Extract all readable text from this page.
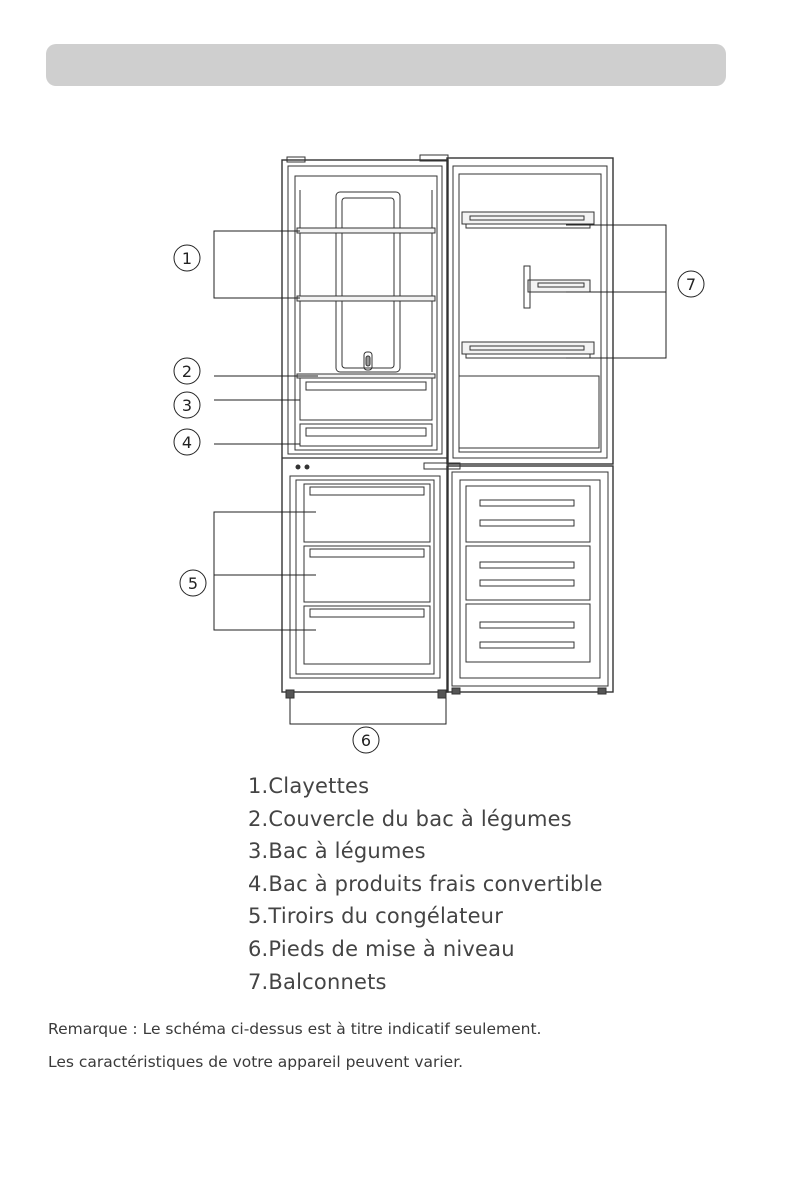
1
2
3
4
5
6
7
1.Clayettes
2.Couvercle du bac à légumes
3.Bac à légumes
4.Bac à produits frais convertible
5.Tiroirs du congélateur
6.Pieds de mise à niveau
7.Balconnets
Remarque : Le schéma ci-dessus est à titre indicatif seulement.
Les caractéristiques de votre appareil peuvent varier.
